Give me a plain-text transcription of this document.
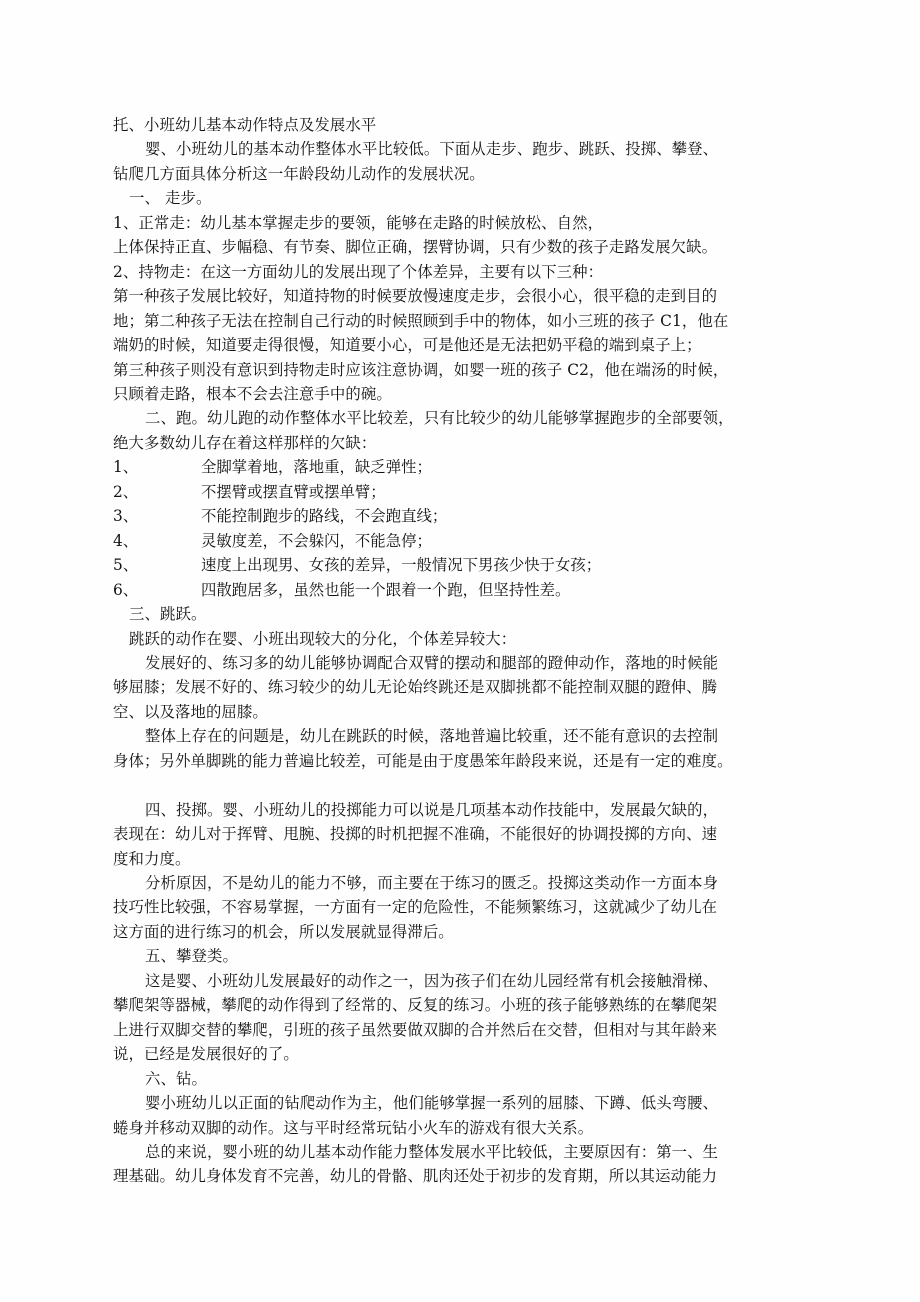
托、小班幼儿基本动作特点及发展水平
婴、小班幼儿的基本动作整体水平比较低。下面从走步、跑步、跳跃、投掷、攀登、
钻爬几方面具体分析这一年龄段幼儿动作的发展状况。
一、 走步。
1、正常走：幼儿基本掌握走步的要领，能够在走路的时候放松、自然，
上体保持正直、步幅稳、有节奏、脚位正确，摆臂协调，只有少数的孩子走路发展欠缺。
2、持物走：在这一方面幼儿的发展出现了个体差异，主要有以下三种：
第一种孩子发展比较好，知道持物的时候要放慢速度走步，会很小心，很平稳的走到目的
地；第二种孩子无法在控制自己行动的时候照顾到手中的物体，如小三班的孩子 C1，他在
端奶的时候，知道要走得很慢，知道要小心，可是他还是无法把奶平稳的端到桌子上；
第三种孩子则没有意识到持物走时应该注意协调，如婴一班的孩子 C2，他在端汤的时候，
只顾着走路，根本不会去注意手中的碗。
二、跑。幼儿跑的动作整体水平比较差，只有比较少的幼儿能够掌握跑步的全部要领，
绝大多数幼儿存在着这样那样的欠缺：
1、	全脚掌着地，落地重，缺乏弹性；
2、	不摆臂或摆直臂或摆单臂；
3、	不能控制跑步的路线，不会跑直线；
4、	灵敏度差，不会躲闪，不能急停；
5、	速度上出现男、女孩的差异，一般情况下男孩少快于女孩；
6、	四散跑居多，虽然也能一个跟着一个跑，但坚持性差。
三、跳跃。
跳跃的动作在婴、小班出现较大的分化，个体差异较大：
发展好的、练习多的幼儿能够协调配合双臂的摆动和腿部的蹬伸动作，落地的时候能
够屈膝；发展不好的、练习较少的幼儿无论始终跳还是双脚挑都不能控制双腿的蹬伸、腾
空、以及落地的屈膝。
整体上存在的问题是，幼儿在跳跃的时候，落地普遍比较重，还不能有意识的去控制
身体；另外单脚跳的能力普遍比较差，可能是由于度愚笨年龄段来说，还是有一定的难度。

四、投掷。婴、小班幼儿的投掷能力可以说是几项基本动作技能中，发展最欠缺的，
表现在：幼儿对于挥臂、甩腕、投掷的时机把握不准确，不能很好的协调投掷的方向、速
度和力度。
分析原因，不是幼儿的能力不够，而主要在于练习的匮乏。投掷这类动作一方面本身
技巧性比较强，不容易掌握，一方面有一定的危险性，不能频繁练习，这就减少了幼儿在
这方面的进行练习的机会，所以发展就显得滞后。
五、攀登类。
这是婴、小班幼儿发展最好的动作之一，因为孩子们在幼儿园经常有机会接触滑梯、
攀爬架等器械，攀爬的动作得到了经常的、反复的练习。小班的孩子能够熟练的在攀爬架
上进行双脚交替的攀爬，引班的孩子虽然要做双脚的合并然后在交替，但相对与其年龄来
说，已经是发展很好的了。
六、钻。
婴小班幼儿以正面的钻爬动作为主，他们能够掌握一系列的屈膝、下蹲、低头弯腰、
蜷身并移动双脚的动作。这与平时经常玩钻小火车的游戏有很大关系。
总的来说，婴小班的幼儿基本动作能力整体发展水平比较低，主要原因有：第一、生
理基础。幼儿身体发育不完善，幼儿的骨骼、肌肉还处于初步的发育期，所以其运动能力
